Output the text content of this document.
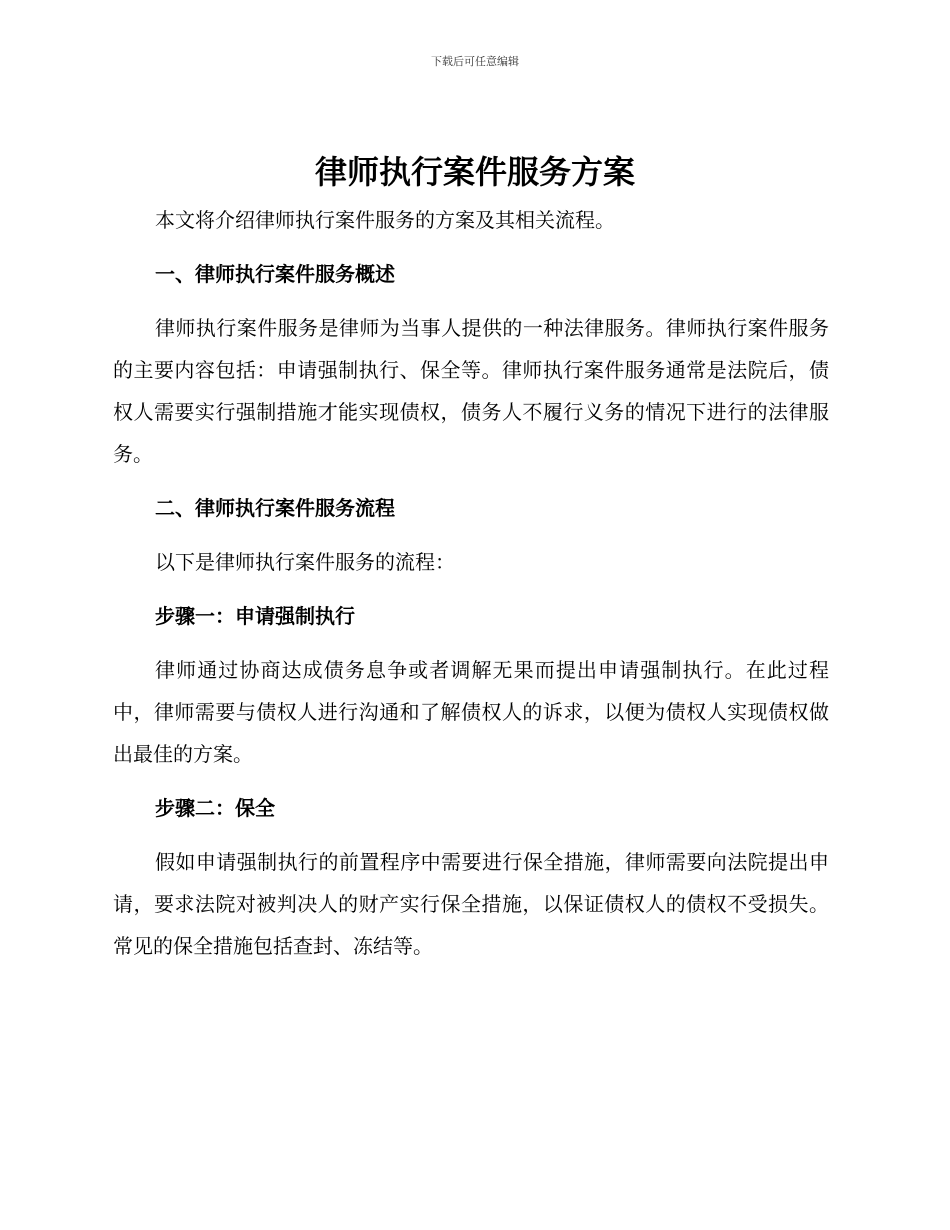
下载后可任意编辑
律师执行案件服务方案

本文将介绍律师执行案件服务的方案及其相关流程。

一、律师执行案件服务概述

律师执行案件服务是律师为当事人提供的一种法律服务。律师执行案件服务的主要内容包括：申请强制执行、保全等。律师执行案件服务通常是法院后，债权人需要实行强制措施才能实现债权，债务人不履行义务的情况下进行的法律服务。

二、律师执行案件服务流程

以下是律师执行案件服务的流程：

步骤一：申请强制执行

律师通过协商达成债务息争或者调解无果而提出申请强制执行。在此过程中，律师需要与债权人进行沟通和了解债权人的诉求，以便为债权人实现债权做出最佳的方案。

步骤二：保全

假如申请强制执行的前置程序中需要进行保全措施，律师需要向法院提出申请，要求法院对被判决人的财产实行保全措施，以保证债权人的债权不受损失。常见的保全措施包括查封、冻结等。
